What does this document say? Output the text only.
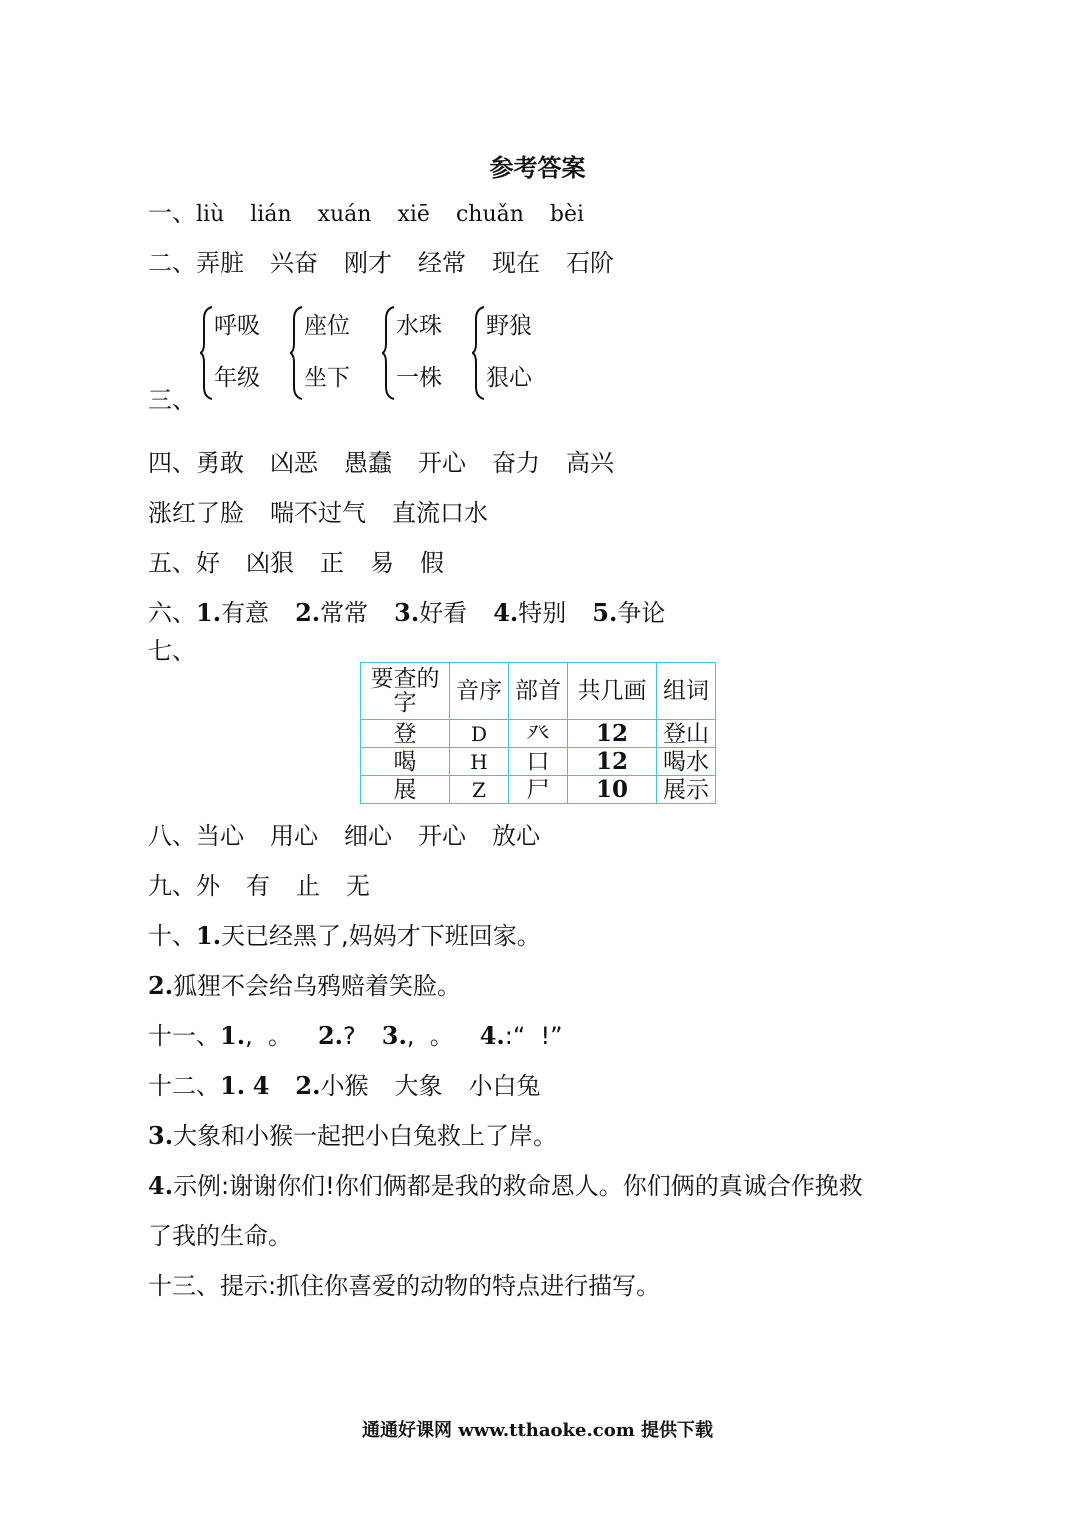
参考答案
一、liù lián xuán xiē chuǎn bèi
二、弄脏 兴奋 刚才 经常 现在 石阶
三、
呼吸
年级
座位
坐下
水珠
一株
野狼
狠心
四、勇敢 凶恶 愚蠢 开心 奋力 高兴
涨红了脸 喘不过气 直流口水
五、好 凶狠 正 易 假
六、1.有意 2.常常 3.好看 4.特别 5.争论
七、
要查的字	音序	部首	共几画	组词
登	D	癶	12	登山
喝	H	口	12	喝水
展	Z	尸	10	展示
八、当心 用心 细心 开心 放心
九、外 有 止 无
十、1.天已经黑了,妈妈才下班回家。
2.狐狸不会给乌鸦赔着笑脸。
十一、1.,  。 2.? 3.,  。 4.:“  !”
十二、1. 4 2.小猴 大象 小白兔
3.大象和小猴一起把小白兔救上了岸。
4.示例:谢谢你们!你们俩都是我的救命恩人。你们俩的真诚合作挽救
了我的生命。
十三、提示:抓住你喜爱的动物的特点进行描写。
通通好课网 www.tthaoke.com 提供下载
